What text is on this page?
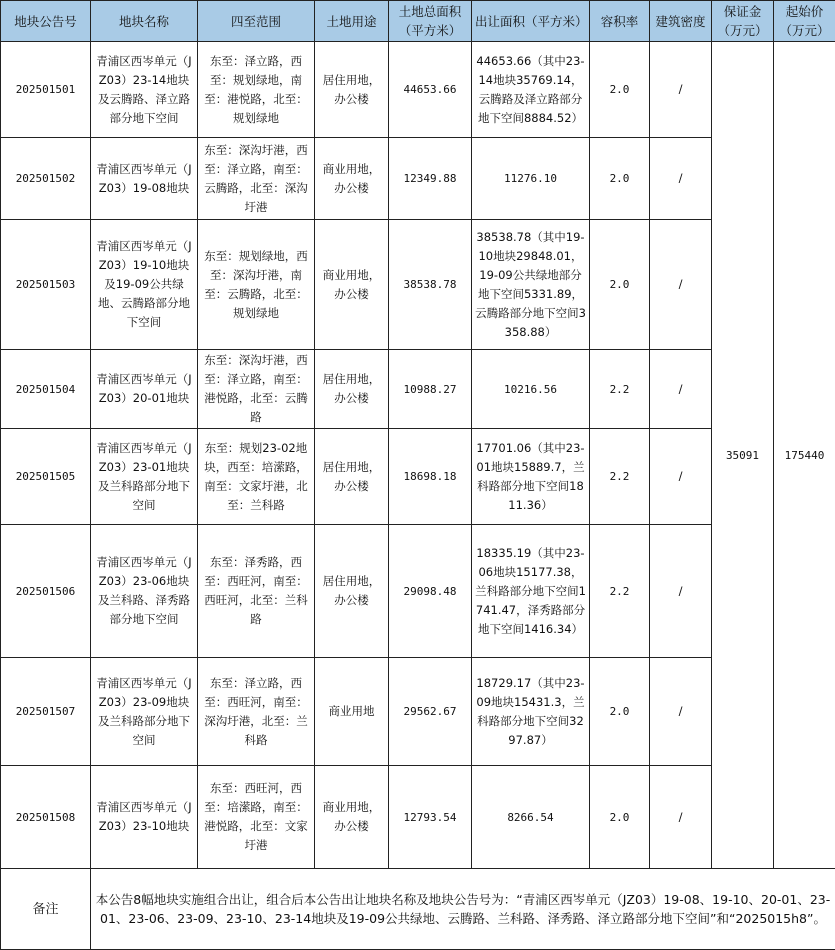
地块公告号	地块名称	四至范围	土地用途	土地总面积（平方米）	出让面积（平方米）	容积率	建筑密度	保证金（万元）	起始价（万元）
202501501	青浦区西岑单元（JZ03）23-14地块及云腾路、泽立路部分地下空间	东至：泽立路，西至：规划绿地，南至：港悦路，北至：规划绿地	居住用地，办公楼	44653.66	44653.66（其中23-14地块35769.14，云腾路及泽立路部分地下空间8884.52）	2.0	/	35091	175440
202501502	青浦区西岑单元（JZ03）19-08地块	东至：深沟圩港，西至：泽立路，南至：云腾路，北至：深沟圩港	商业用地，办公楼	12349.88	11276.10	2.0	/		
202501503	青浦区西岑单元（JZ03）19-10地块及19-09公共绿地、云腾路部分地下空间	东至：规划绿地，西至：深沟圩港，南至：云腾路，北至：规划绿地	商业用地，办公楼	38538.78	38538.78（其中19-10地块29848.01，19-09公共绿地部分地下空间5331.89，云腾路部分地下空间3358.88）	2.0	/		
202501504	青浦区西岑单元（JZ03）20-01地块	东至：深沟圩港，西至：泽立路，南至：港悦路，北至：云腾路	居住用地，办公楼	10988.27	10216.56	2.2	/		
202501505	青浦区西岑单元（JZ03）23-01地块及兰科路部分地下空间	东至：规划23-02地块，西至：培潆路，南至：文家圩港，北至：兰科路	居住用地，办公楼	18698.18	17701.06（其中23-01地块15889.7，兰科路部分地下空间1811.36）	2.2	/		
202501506	青浦区西岑单元（JZ03）23-06地块及兰科路、泽秀路部分地下空间	东至：泽秀路，西至：西旺河，南至：西旺河，北至：兰科路	居住用地，办公楼	29098.48	18335.19（其中23-06地块15177.38，兰科路部分地下空间1741.47，泽秀路部分地下空间1416.34）	2.2	/		
202501507	青浦区西岑单元（JZ03）23-09地块及兰科路部分地下空间	东至：泽立路，西至：西旺河，南至：深沟圩港，北至：兰科路	商业用地	29562.67	18729.17（其中23-09地块15431.3，兰科路部分地下空间3297.87）	2.0	/		
202501508	青浦区西岑单元（JZ03）23-10地块	东至：西旺河，西至：培潆路，南至：港悦路，北至：文家圩港	商业用地，办公楼	12793.54	8266.54	2.0	/		
备注	本公告8幅地块实施组合出让，组合后本公告出让地块名称及地块公告号为：“青浦区西岑单元（JZ03）19-08、19-10、20-01、23-01、23-06、23-09、23-10、23-14地块及19-09公共绿地、云腾路、兰科路、泽秀路、泽立路部分地下空间”和“2025015h8”。								
